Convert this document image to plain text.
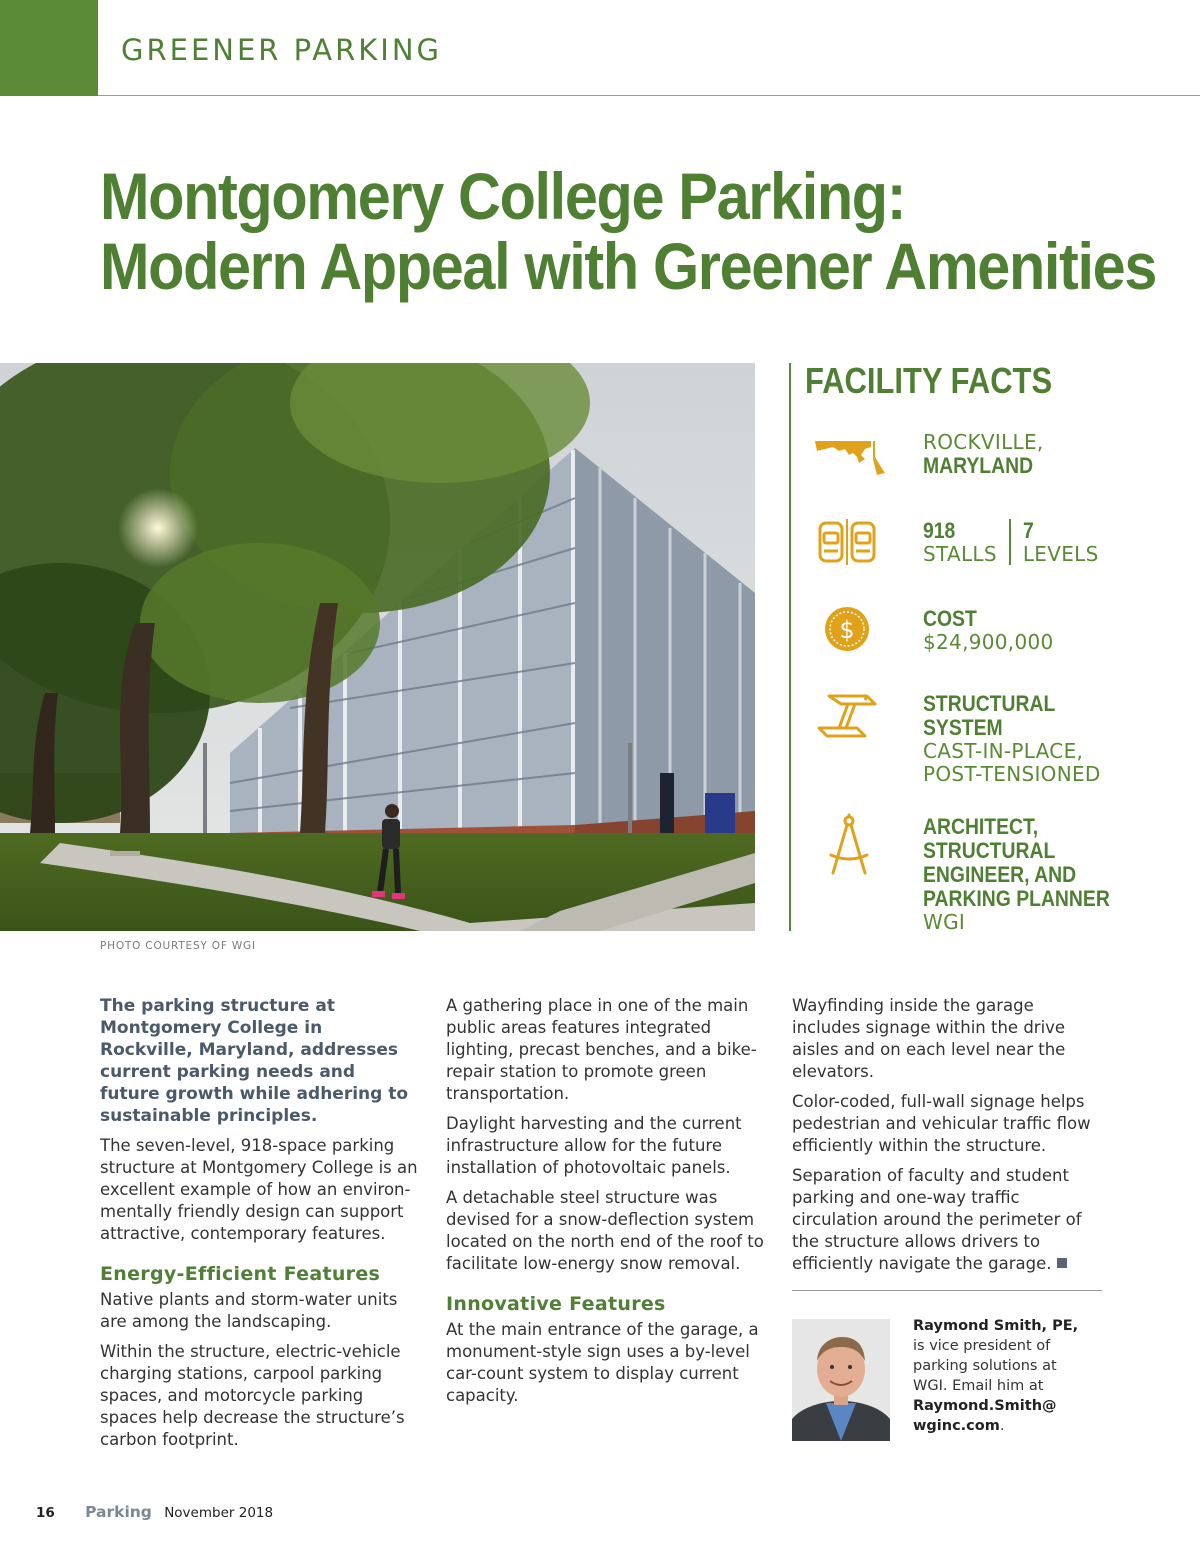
GREENER PARKING
Montgomery College Parking:
Modern Appeal with Greener Amenities
PHOTO COURTESY OF WGI
FACILITY FACTS
ROCKVILLE,
MARYLAND
918
STALLS
7
LEVELS
$	COST
$24,900,000
STRUCTURAL
SYSTEM
CAST-IN-PLACE,
POST-TENSIONED
ARCHITECT,
STRUCTURAL
ENGINEER, AND
PARKING PLANNER
WGI

The parking structure at Montgomery College in Rockville, Maryland, addresses current parking needs and future growth while adhering to sustainable principles.

The seven-level, 918-space parking structure at Montgomery College is an excellent example of how an environ-mentally friendly design can support attractive, contemporary features.

Energy-Efficient Features

Native plants and storm-water units are among the landscaping.

Within the structure, electric-vehicle charging stations, carpool parking spaces, and motorcycle parking spaces help decrease the structure’s carbon footprint.

A gathering place in one of the main public areas features integrated lighting, precast benches, and a bike-repair station to promote green transportation.

Daylight harvesting and the current infrastructure allow for the future installation of photovoltaic panels.

A detachable steel structure was devised for a snow-deflection system located on the north end of the roof to facilitate low-energy snow removal.

Innovative Features

At the main entrance of the garage, a monument-style sign uses a by-level car-count system to display current capacity.

Wayfinding inside the garage includes signage within the drive aisles and on each level near the elevators.

Color-coded, full-wall signage helps pedestrian and vehicular traffic flow efficiently within the structure.

Separation of faculty and student parking and one-way traffic circulation around the perimeter of the structure allows drivers to efficiently navigate the garage.

Raymond Smith, PE, is vice president of parking solutions at WGI. Email him at Raymond.Smith@ wginc.com.
16 Parking November 2018
